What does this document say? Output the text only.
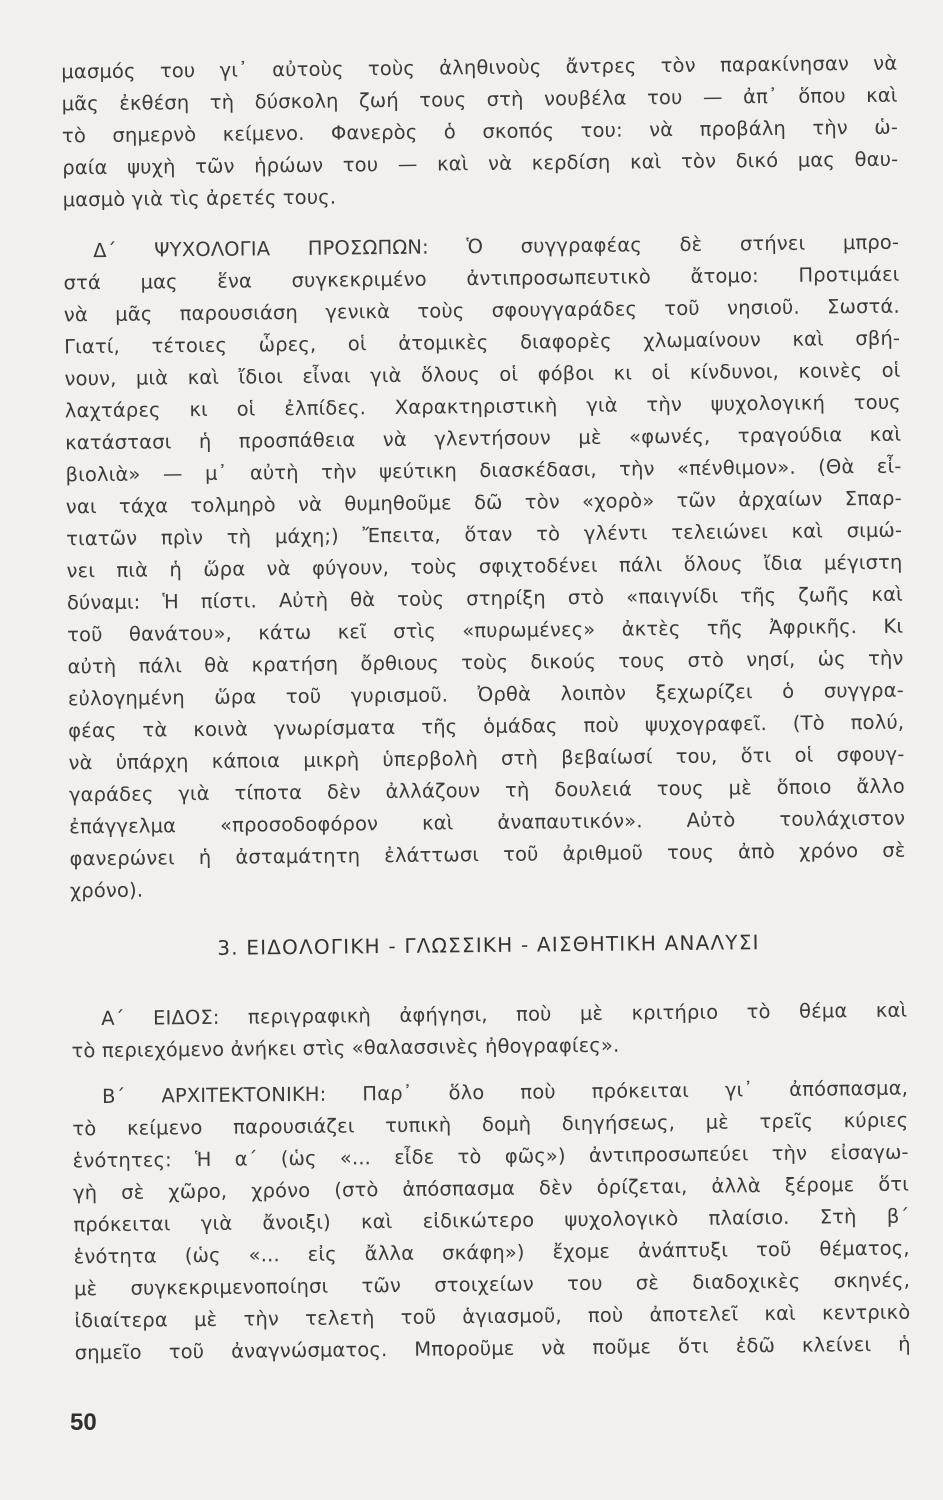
μασμός του γι᾽ αὐτοὺς τοὺς ἀληθινοὺς ἄντρες τὸν παρακίνησαν νὰ
μᾶς ἐκθέση τὴ δύσκολη ζωή τους στὴ νουβέλα του — ἀπ᾽ ὅπου καὶ
τὸ σημερνὸ κείμενο. Φανερὸς ὁ σκοπός του: νὰ προβάλη τὴν ὡ-
ραία ψυχὴ τῶν ἡρώων του — καὶ νὰ κερδίση καὶ τὸν δικό μας θαυ-
μασμὸ γιὰ τὶς ἀρετές τους.
Δ΄ ΨΥΧΟΛΟΓΙΑ ΠΡΟΣΩΠΩΝ: Ὁ συγγραφέας δὲ στήνει μπρο-
στά μας ἕνα συγκεκριμένο ἀντιπροσωπευτικὸ ἄτομο: Προτιμάει
νὰ μᾶς παρουσιάση γενικὰ τοὺς σφουγγαράδες τοῦ νησιοῦ. Σωστά.
Γιατί, τέτοιες ὧρες, οἱ ἀτομικὲς διαφορὲς χλωμαίνουν καὶ σβή-
νουν, μιὰ καὶ ἴδιοι εἶναι γιὰ ὅλους οἱ φόβοι κι οἱ κίνδυνοι, κοινὲς οἱ
λαχτάρες κι οἱ ἐλπίδες. Χαρακτηριστικὴ γιὰ τὴν ψυχολογική τους
κατάστασι ἡ προσπάθεια νὰ γλεντήσουν μὲ «φωνές, τραγούδια καὶ
βιολιὰ» — μ᾽ αὐτὴ τὴν ψεύτικη διασκέδασι, τὴν «πένθιμον». (Θὰ εἶ-
ναι τάχα τολμηρὸ νὰ θυμηθοῦμε δῶ τὸν «χορὸ» τῶν ἀρχαίων Σπαρ-
τιατῶν πρὶν τὴ μάχη;) Ἔπειτα, ὅταν τὸ γλέντι τελειώνει καὶ σιμώ-
νει πιὰ ἡ ὥρα νὰ φύγουν, τοὺς σφιχτοδένει πάλι ὅλους ἴδια μέγιστη
δύναμι: Ἡ πίστι. Αὐτὴ θὰ τοὺς στηρίξη στὸ «παιγνίδι τῆς ζωῆς καὶ
τοῦ θανάτου», κάτω κεῖ στὶς «πυρωμένες» ἀκτὲς τῆς Ἀφρικῆς. Κι
αὐτὴ πάλι θὰ κρατήση ὄρθιους τοὺς δικούς τους στὸ νησί, ὡς τὴν
εὐλογημένη ὥρα τοῦ γυρισμοῦ. Ὀρθὰ λοιπὸν ξεχωρίζει ὁ συγγρα-
φέας τὰ κοινὰ γνωρίσματα τῆς ὁμάδας ποὺ ψυχογραφεῖ. (Τὸ πολύ,
νὰ ὑπάρχη κάποια μικρὴ ὑπερβολὴ στὴ βεβαίωσί του, ὅτι οἱ σφουγ-
γαράδες γιὰ τίποτα δὲν ἀλλάζουν τὴ δουλειά τους μὲ ὅποιο ἄλλο
ἐπάγγελμα «προσοδοφόρον καὶ ἀναπαυτικόν». Αὐτὸ τουλάχιστον
φανερώνει ἡ ἀσταμάτητη ἐλάττωσι τοῦ ἀριθμοῦ τους ἀπὸ χρόνο σὲ
χρόνο).
3. ΕΙΔΟΛΟΓΙΚΗ - ΓΛΩΣΣΙΚΗ - ΑΙΣΘΗΤΙΚΗ ΑΝΑΛΥΣΙ
Α΄ ΕΙΔΟΣ: περιγραφικὴ ἀφήγησι, ποὺ μὲ κριτήριο τὸ θέμα καὶ
τὸ περιεχόμενο ἀνήκει στὶς «θαλασσινὲς ἠθογραφίες».
Β΄ ΑΡΧΙΤΕΚΤΟΝΙΚΗ: Παρ᾽ ὅλο ποὺ πρόκειται γι᾽ ἀπόσπασμα,
τὸ κείμενο παρουσιάζει τυπικὴ δομὴ διηγήσεως, μὲ τρεῖς κύριες
ἑνότητες: Ἡ α΄ (ὡς «... εἶδε τὸ φῶς») ἀντιπροσωπεύει τὴν εἰσαγω-
γὴ σὲ χῶρο, χρόνο (στὸ ἀπόσπασμα δὲν ὁρίζεται, ἀλλὰ ξέρομε ὅτι
πρόκειται γιὰ ἄνοιξι) καὶ εἰδικώτερο ψυχολογικὸ πλαίσιο. Στὴ β΄
ἑνότητα (ὡς «... εἰς ἄλλα σκάφη») ἔχομε ἀνάπτυξι τοῦ θέματος,
μὲ συγκεκριμενοποίησι τῶν στοιχείων του σὲ διαδοχικὲς σκηνές,
ἰδιαίτερα μὲ τὴν τελετὴ τοῦ ἁγιασμοῦ, ποὺ ἀποτελεῖ καὶ κεντρικὸ
σημεῖο τοῦ ἀναγνώσματος. Μποροῦμε νὰ ποῦμε ὅτι ἐδῶ κλείνει ἡ
50
